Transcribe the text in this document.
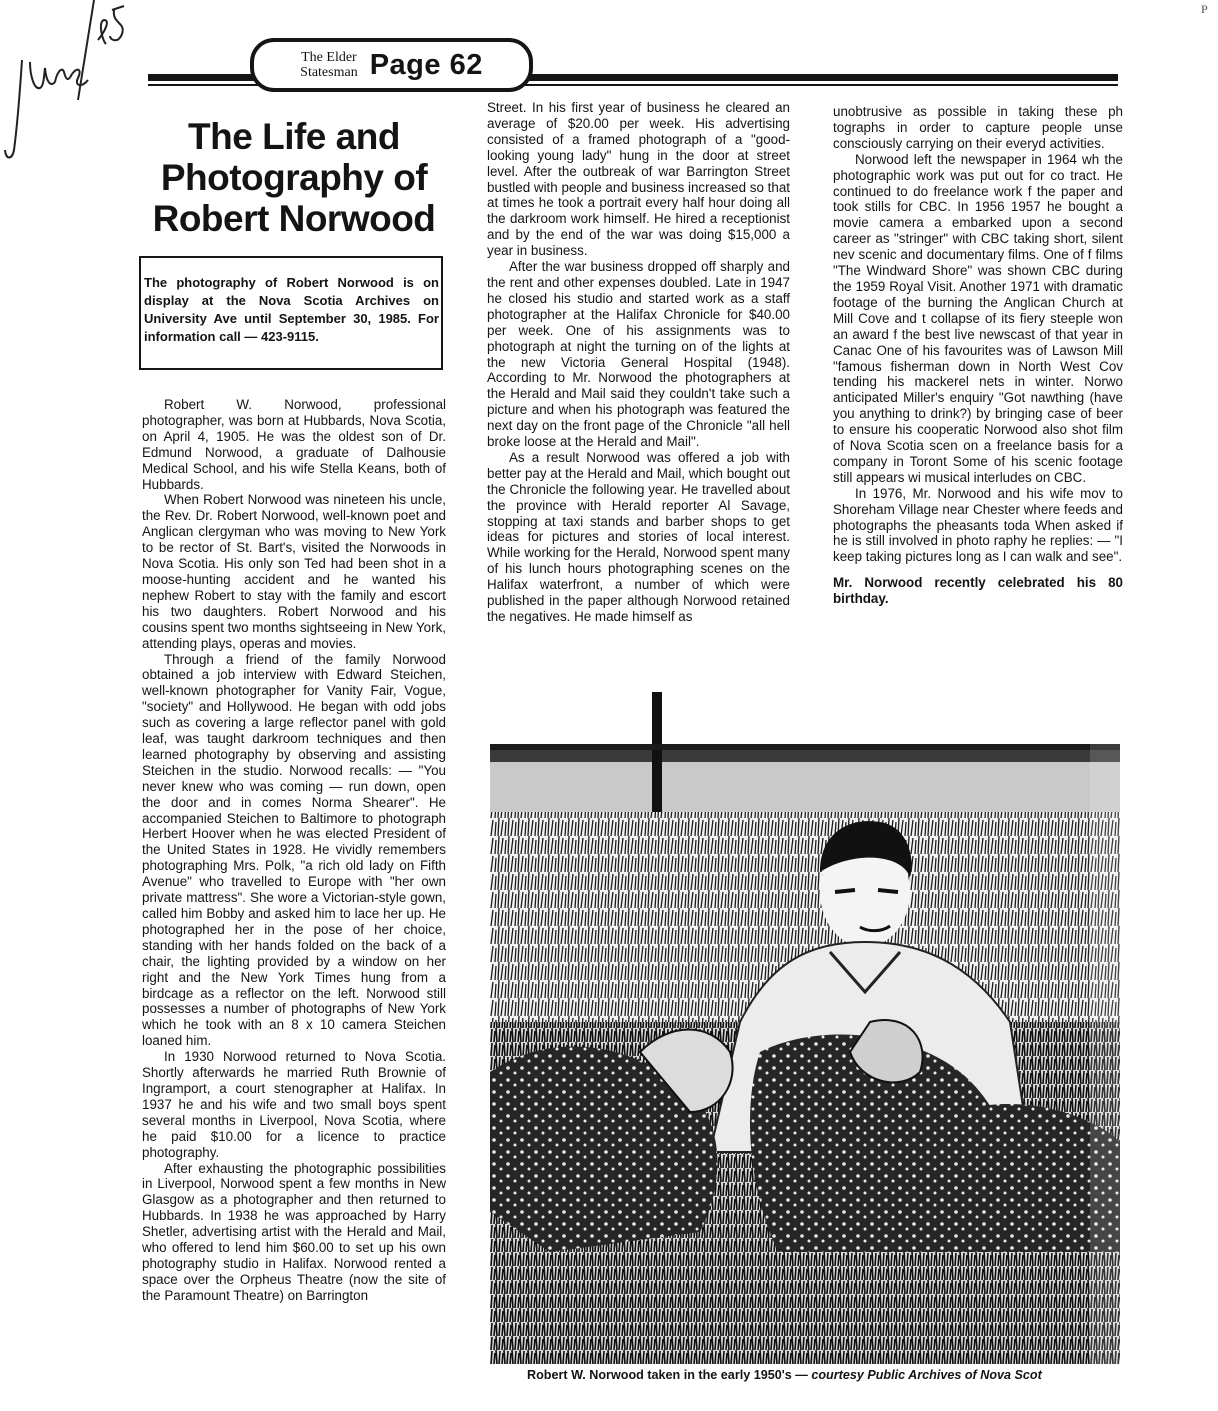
P
The Elder
Statesman Page 62
The Life and
Photography of
Robert Norwood

The photography of Robert Norwood is on display at the Nova Scotia Archives on University Ave until September 30, 1985. For information call — 423-9115.

Robert W. Norwood, professional photographer, was born at Hubbards, Nova Scotia, on April 4, 1905. He was the oldest son of Dr. Edmund Norwood, a graduate of Dalhousie Medical School, and his wife Stella Keans, both of Hubbards.

When Robert Norwood was nineteen his uncle, the Rev. Dr. Robert Norwood, well-known poet and Anglican clergyman who was moving to New York to be rector of St. Bart's, visited the Norwoods in Nova Scotia. His only son Ted had been shot in a moose-hunting accident and he wanted his nephew Robert to stay with the family and escort his two daughters. Robert Norwood and his cousins spent two months sightseeing in New York, attending plays, operas and movies.

Through a friend of the family Norwood obtained a job interview with Edward Steichen, well-known photographer for Vanity Fair, Vogue, "society" and Hollywood. He began with odd jobs such as covering a large reflector panel with gold leaf, was taught darkroom techniques and then learned photography by observing and assisting Steichen in the studio. Norwood recalls: — "You never knew who was coming — run down, open the door and in comes Norma Shearer". He accompanied Steichen to Baltimore to photograph Herbert Hoover when he was elected President of the United States in 1928. He vividly remembers photographing Mrs. Polk, "a rich old lady on Fifth Avenue" who travelled to Europe with "her own private mattress". She wore a Victorian-style gown, called him Bobby and asked him to lace her up. He photographed her in the pose of her choice, standing with her hands folded on the back of a chair, the lighting provided by a window on her right and the New York Times hung from a birdcage as a reflector on the left. Norwood still possesses a number of photographs of New York which he took with an 8 x 10 camera Steichen loaned him.

In 1930 Norwood returned to Nova Scotia. Shortly afterwards he married Ruth Brownie of Ingramport, a court stenographer at Halifax. In 1937 he and his wife and two small boys spent several months in Liverpool, Nova Scotia, where he paid $10.00 for a licence to practice photography.

After exhausting the photographic possibilities in Liverpool, Norwood spent a few months in New Glasgow as a photographer and then returned to Hubbards. In 1938 he was approached by Harry Shetler, advertising artist with the Herald and Mail, who offered to lend him $60.00 to set up his own photography studio in Halifax. Norwood rented a space over the Orpheus Theatre (now the site of the Paramount Theatre) on Barrington

Street. In his first year of business he cleared an average of $20.00 per week. His advertising consisted of a framed photograph of a "good-looking young lady" hung in the door at street level. After the outbreak of war Barrington Street bustled with people and business increased so that at times he took a portrait every half hour doing all the darkroom work himself. He hired a receptionist and by the end of the war was doing $15,000 a year in business.

After the war business dropped off sharply and the rent and other expenses doubled. Late in 1947 he closed his studio and started work as a staff photographer at the Halifax Chronicle for $40.00 per week. One of his assignments was to photograph at night the turning on of the lights at the new Victoria General Hospital (1948). According to Mr. Norwood the photographers at the Herald and Mail said they couldn't take such a picture and when his photograph was featured the next day on the front page of the Chronicle "all hell broke loose at the Herald and Mail".

As a result Norwood was offered a job with better pay at the Herald and Mail, which bought out the Chronicle the following year. He travelled about the province with Herald reporter Al Savage, stopping at taxi stands and barber shops to get ideas for pictures and stories of local interest. While working for the Herald, Norwood spent many of his lunch hours photographing scenes on the Halifax waterfront, a number of which were published in the paper although Norwood retained the negatives. He made himself as

unobtrusive as possible in taking these ph tographs in order to capture people unse consciously carrying on their everyd activities.

Norwood left the newspaper in 1964 wh the photographic work was put out for co tract. He continued to do freelance work f the paper and took stills for CBC. In 1956 1957 he bought a movie camera a embarked upon a second career as "stringer" with CBC taking short, silent nev scenic and documentary films. One of f films "The Windward Shore" was shown CBC during the 1959 Royal Visit. Another 1971 with dramatic footage of the burning the Anglican Church at Mill Cove and t collapse of its fiery steeple won an award f the best live newscast of that year in Canac One of his favourites was of Lawson Mill "famous fisherman down in North West Cov tending his mackerel nets in winter. Norwo anticipated Miller's enquiry "Got nawthing (have you anything to drink?) by bringing case of beer to ensure his cooperatic Norwood also shot film of Nova Scotia scen on a freelance basis for a company in Toront Some of his scenic footage still appears wi musical interludes on CBC.

In 1976, Mr. Norwood and his wife mov to Shoreham Village near Chester where feeds and photographs the pheasants toda When asked if he is still involved in photo raphy he replies: — "I keep taking pictures long as I can walk and see".

Mr. Norwood recently celebrated his 80 birthday.

Robert W. Norwood taken in the early 1950's — courtesy Public Archives of Nova Scot
